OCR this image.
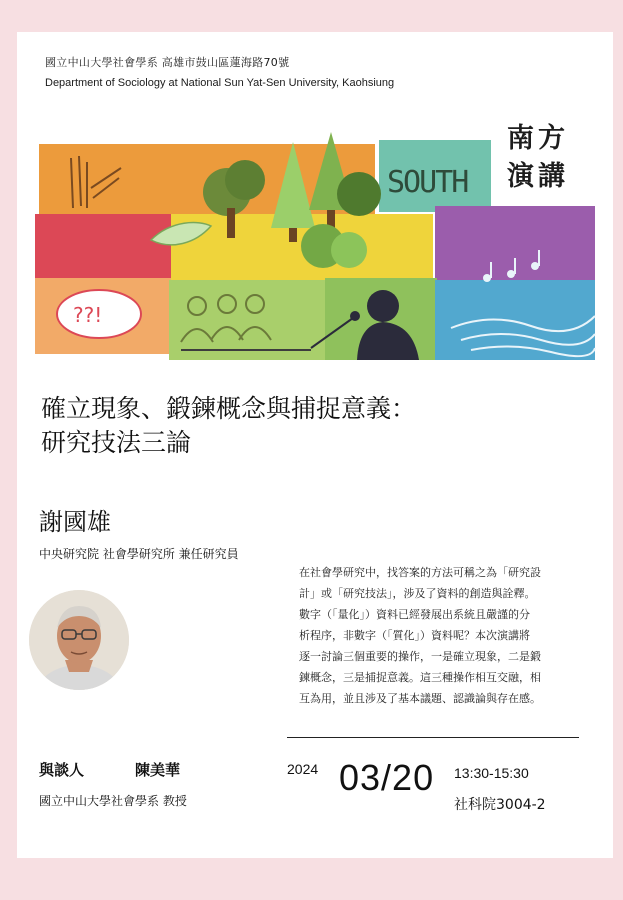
國立中山大學社會學系 高雄市鼓山區蓮海路70號
Department of Sociology at National Sun Yat-Sen University, Kaohsiung
SOUTH
??!
南方
演講
確立現象、鍛鍊概念與捕捉意義：
研究技法三論
謝國雄
中央研究院 社會學研究所 兼任研究員
在社會學研究中，找答案的方法可稱之為「研究設
計」或「研究技法」，涉及了資料的創造與詮釋。
數字（「量化」）資料已經發展出系統且嚴謹的分
析程序，非數字（「質化」）資料呢？本次演講將
逐一討論三個重要的操作，一是確立現象，二是鍛
鍊概念，三是捕捉意義。這三種操作相互交融，相
互為用，並且涉及了基本議題、認識論與存在感。
與談人	陳美華
國立中山大學社會學系 教授
2024 03/20 13:30-15:30
社科院3004-2
